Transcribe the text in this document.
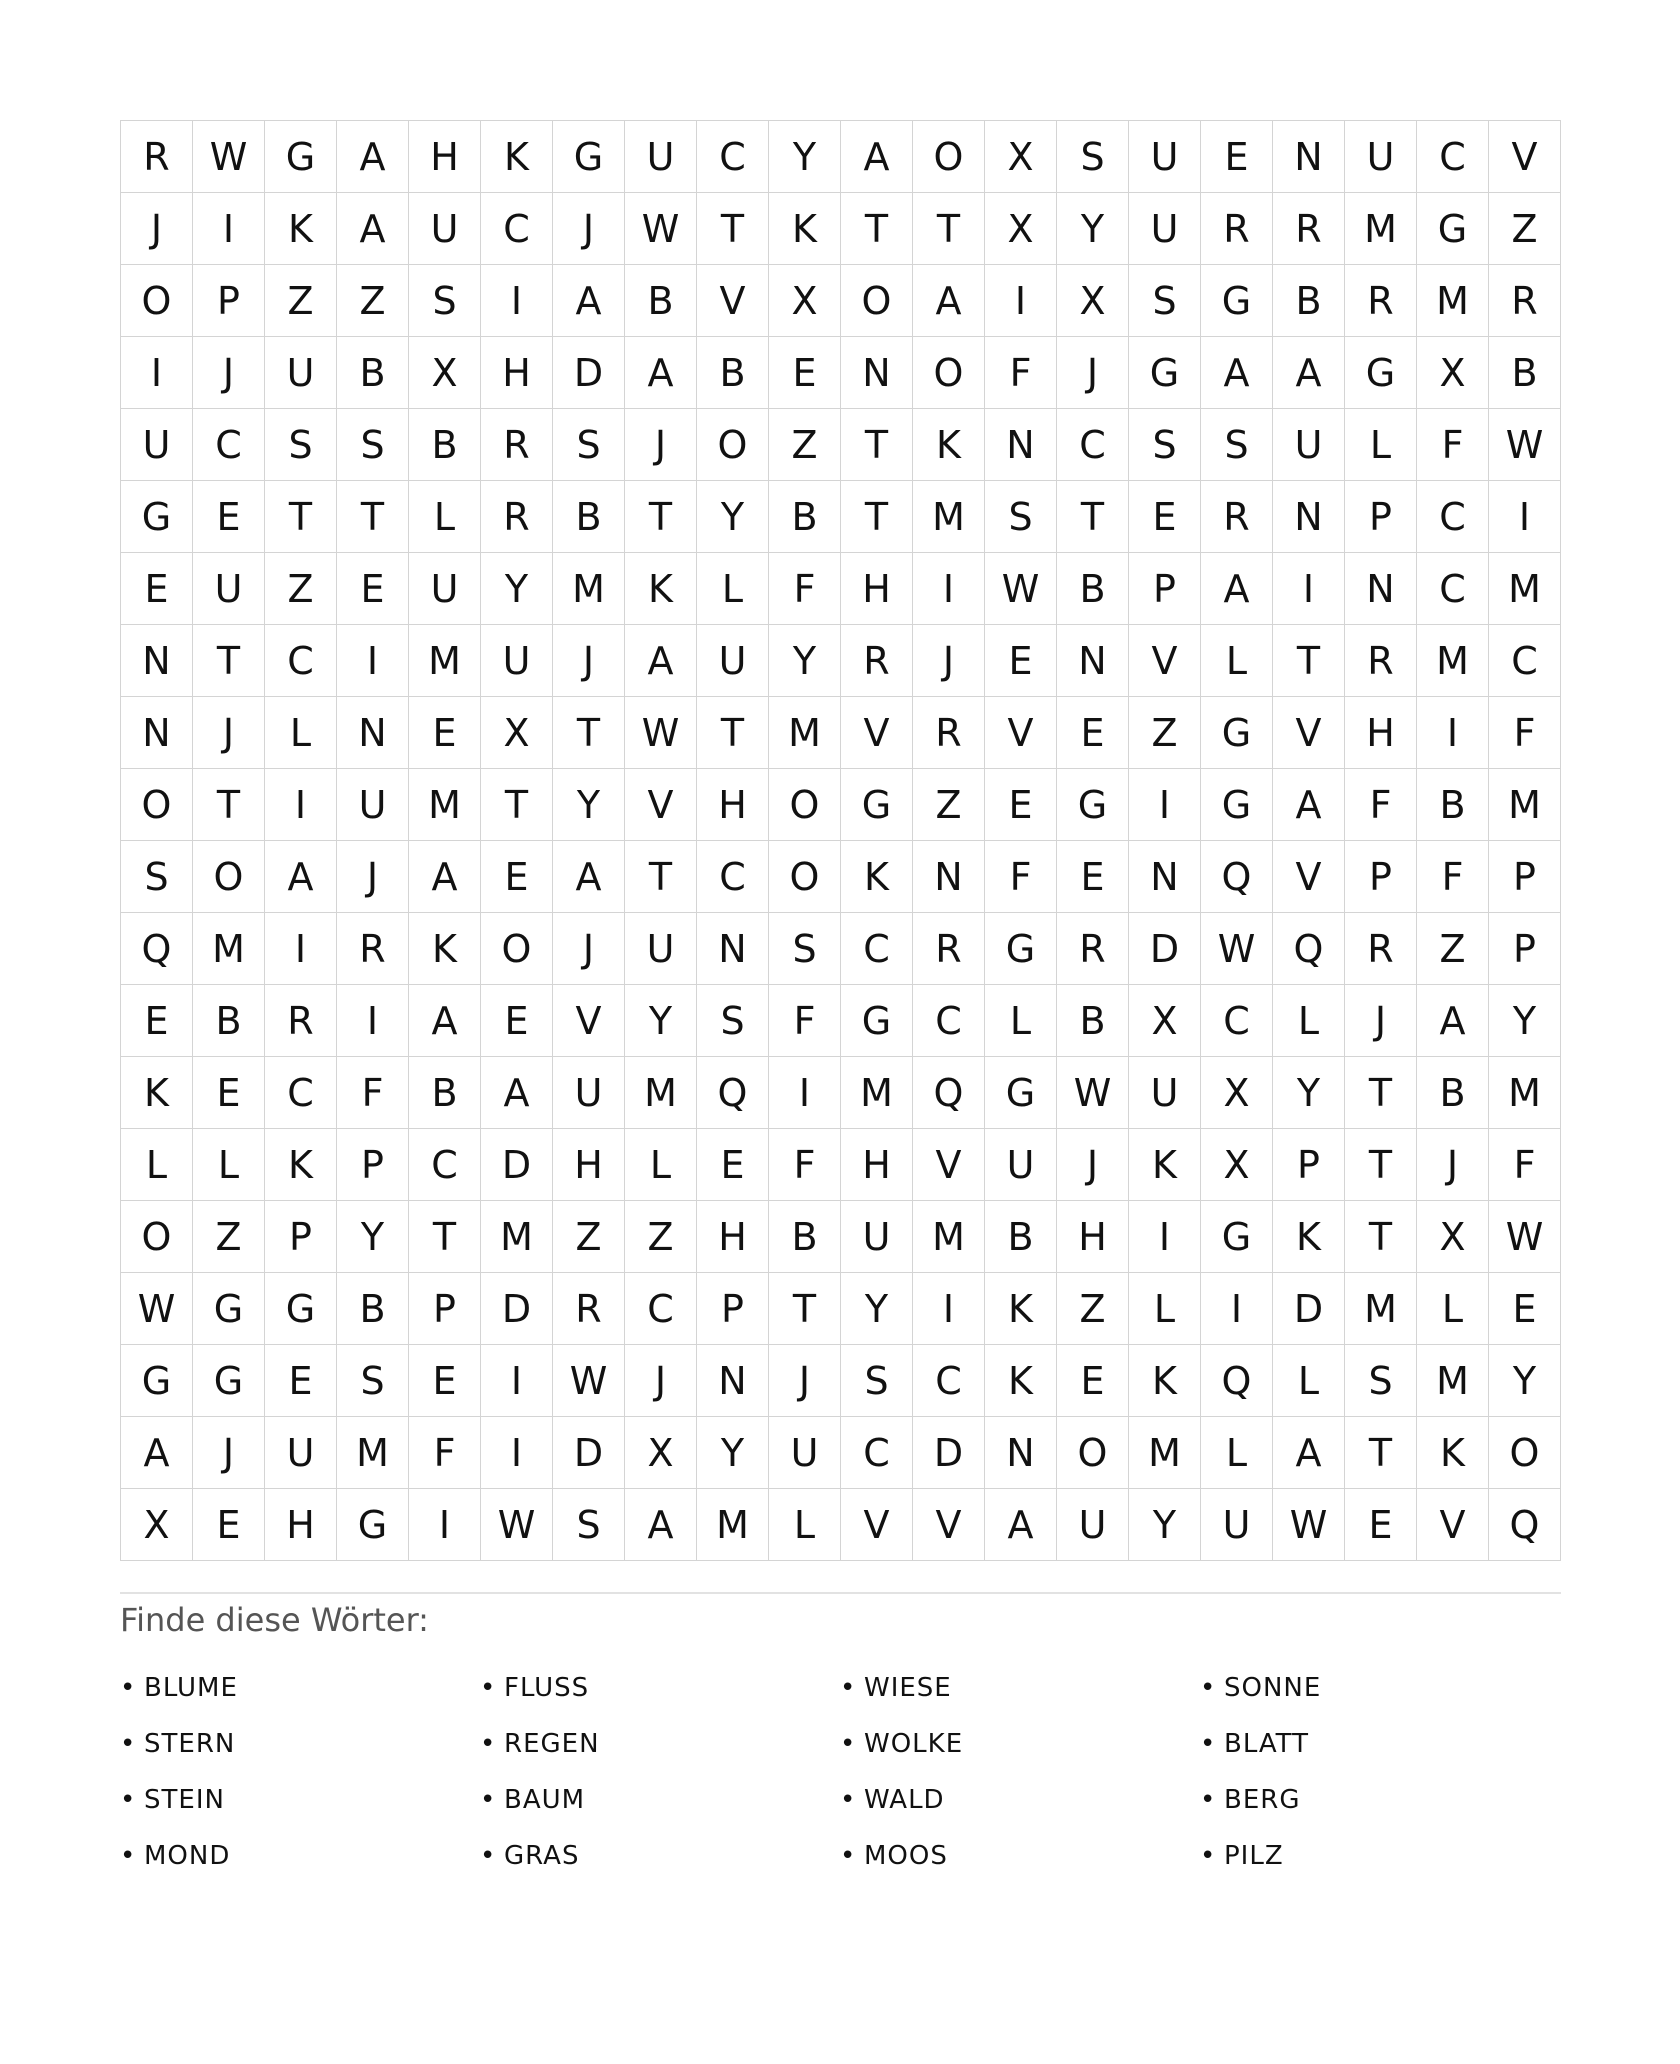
R	W	G	A	H	K	G	U	C	Y	A	O	X	S	U	E	N	U	C	V
J	I	K	A	U	C	J	W	T	K	T	T	X	Y	U	R	R	M	G	Z
O	P	Z	Z	S	I	A	B	V	X	O	A	I	X	S	G	B	R	M	R
I	J	U	B	X	H	D	A	B	E	N	O	F	J	G	A	A	G	X	B
U	C	S	S	B	R	S	J	O	Z	T	K	N	C	S	S	U	L	F	W
G	E	T	T	L	R	B	T	Y	B	T	M	S	T	E	R	N	P	C	I
E	U	Z	E	U	Y	M	K	L	F	H	I	W	B	P	A	I	N	C	M
N	T	C	I	M	U	J	A	U	Y	R	J	E	N	V	L	T	R	M	C
N	J	L	N	E	X	T	W	T	M	V	R	V	E	Z	G	V	H	I	F
O	T	I	U	M	T	Y	V	H	O	G	Z	E	G	I	G	A	F	B	M
S	O	A	J	A	E	A	T	C	O	K	N	F	E	N	Q	V	P	F	P
Q	M	I	R	K	O	J	U	N	S	C	R	G	R	D	W	Q	R	Z	P
E	B	R	I	A	E	V	Y	S	F	G	C	L	B	X	C	L	J	A	Y
K	E	C	F	B	A	U	M	Q	I	M	Q	G	W	U	X	Y	T	B	M
L	L	K	P	C	D	H	L	E	F	H	V	U	J	K	X	P	T	J	F
O	Z	P	Y	T	M	Z	Z	H	B	U	M	B	H	I	G	K	T	X	W
W	G	G	B	P	D	R	C	P	T	Y	I	K	Z	L	I	D	M	L	E
G	G	E	S	E	I	W	J	N	J	S	C	K	E	K	Q	L	S	M	Y
A	J	U	M	F	I	D	X	Y	U	C	D	N	O	M	L	A	T	K	O
X	E	H	G	I	W	S	A	M	L	V	V	A	U	Y	U	W	E	V	Q
Finde diese Wörter:
• BLUME	• FLUSS	• WIESE	• SONNE
• STERN	• REGEN	• WOLKE	• BLATT
• STEIN	• BAUM	• WALD	• BERG
• MOND	• GRAS	• MOOS	• PILZ
